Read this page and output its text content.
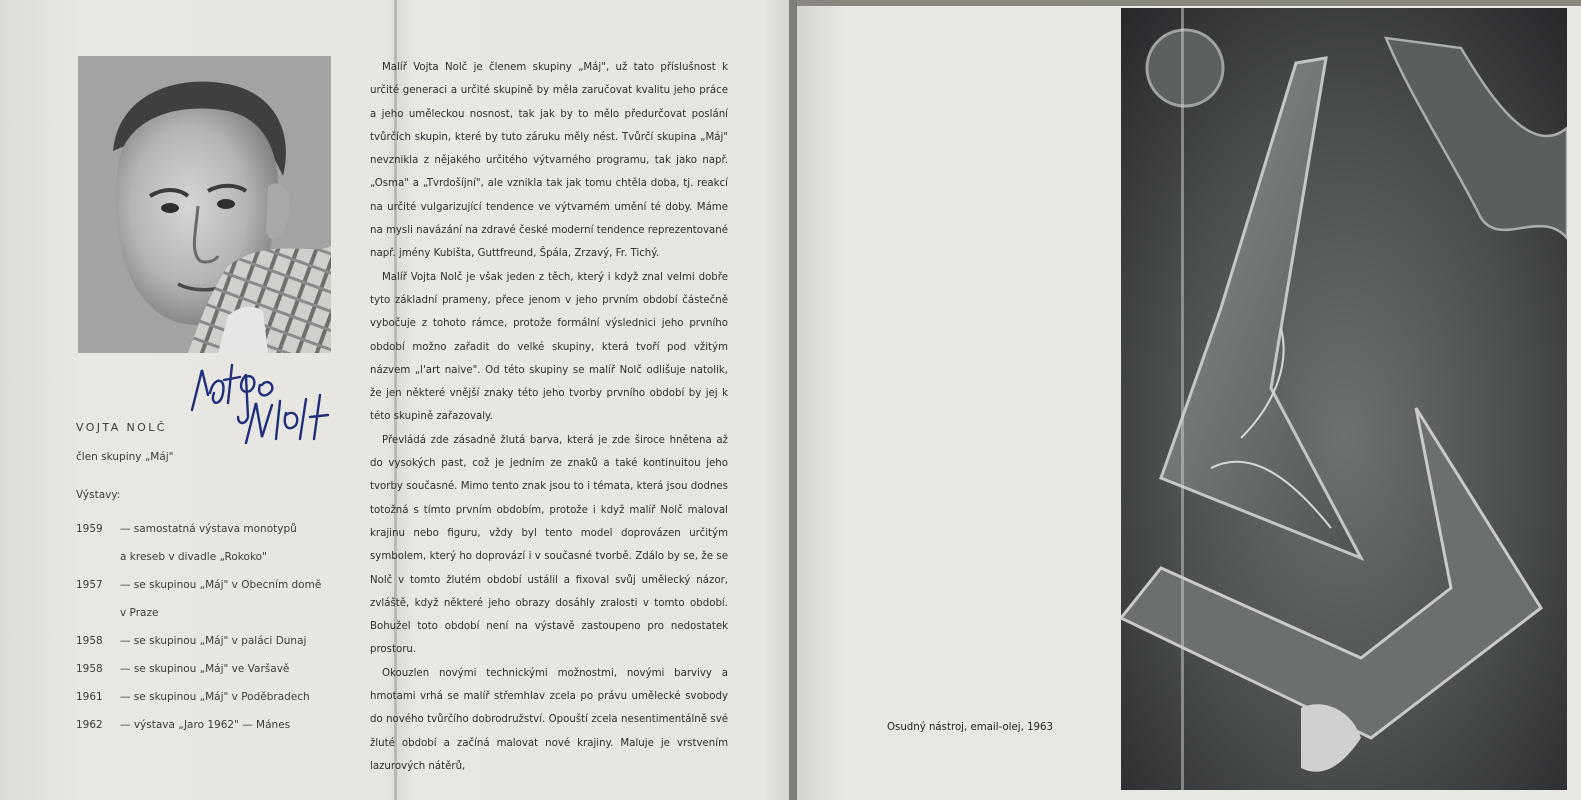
VOJTA NOLČ
člen skupiny „Máj"
Výstavy:
1959 — samostatná výstava monotypů
a kreseb v divadle „Rokoko"
1957 — se skupinou „Máj" v Obecním domě
v Praze
1958 — se skupinou „Máj" v paláci Dunaj
1958 — se skupinou „Máj" ve Varšavě
1961 — se skupinou „Máj" v Poděbradech
1962 — výstava „Jaro 1962" — Mánes

Malíř Vojta Nolč je členem skupiny „Máj", už tato příslušnost k určité generaci a určité skupině by měla zaručovat kvalitu jeho práce a jeho uměleckou nosnost, tak jak by to mělo předurčovat poslání tvůrčích skupin, které by tuto záruku měly nést. Tvůrčí skupina „Máj" nevznikla z nějakého určitého výtvarného programu, tak jako např. „Osma" a „Tvrdošíjní", ale vznikla tak jak tomu chtěla doba, tj. reakcí na určité vulgarizující tendence ve výtvarném umění té doby. Máme na mysli navázání na zdravé české moderní tendence reprezentované např. jmény Kubišta, Guttfreund, Špála, Zrzavý, Fr. Tichý.

Malíř Vojta Nolč je však jeden z těch, který i když znal velmi dobře tyto základní prameny, přece jenom v jeho prvním období částečně vybočuje z tohoto rámce, protože formální výslednici jeho prvního období možno zařadit do velké skupiny, která tvoří pod vžitým názvem „l'art naive". Od této skupiny se malíř Nolč odlišuje natolik, že jen některé vnější znaky této jeho tvorby prvního období by jej k této skupině zařazovaly.

Převládá zde zásadně žlutá barva, která je zde široce hnětena až do vysokých past, což je jedním ze znaků a také kontinuitou jeho tvorby současné. Mimo tento znak jsou to i témata, která jsou dodnes totožná s tímto prvním obdobím, protože i když malíř Nolč maloval krajinu nebo figuru, vždy byl tento model doprovázen určitým symbolem, který ho doprovází i v současné tvorbě. Zdálo by se, že se Nolč v tomto žlutém období ustálil a fixoval svůj umělecký názor, zvláště, když některé jeho obrazy dosáhly zralosti v tomto období. Bohužel toto období není na výstavě zastoupeno pro nedostatek prostoru.

Okouzlen novými technickými možnostmi, novými barvivy a hmotami vrhá se malíř střemhlav zcela po právu umělecké svobody do nového tvůrčího dobrodružství. Opouští zcela nesentimentálně své žluté období a začíná malovat nové krajiny. Maluje je vrstvením lazurových nátěrů,

Osudný nástroj, email-olej, 1963
